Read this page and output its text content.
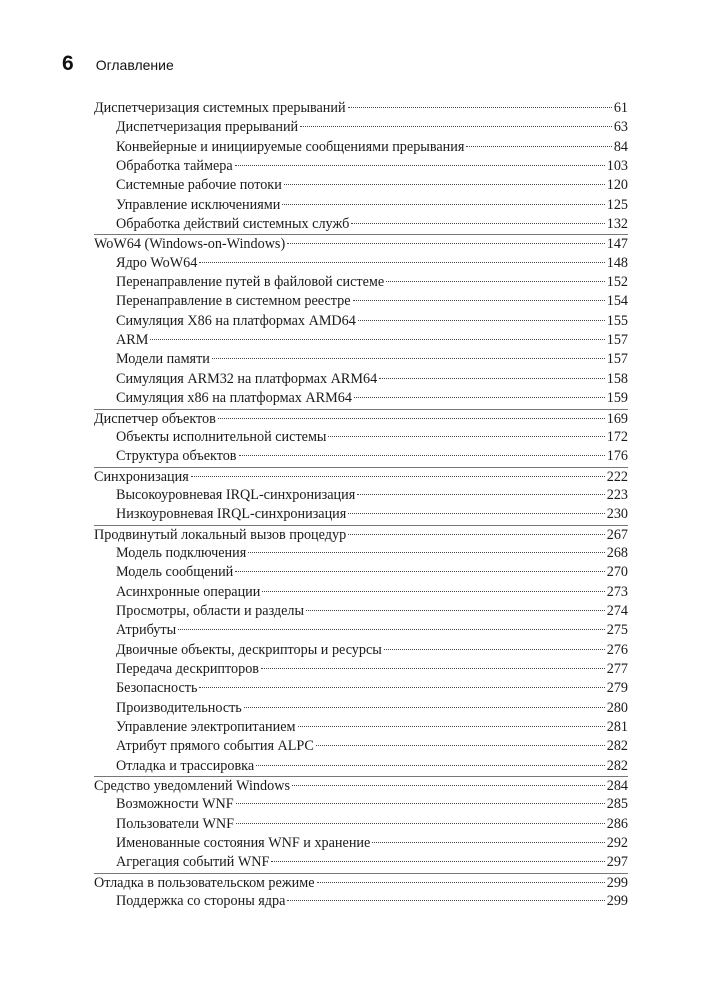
6 Оглавление
Диспетчеризация системных прерываний	61
Диспетчеризация прерываний	63
Конвейерные и инициируемые сообщениями прерывания	84
Обработка таймера	103
Системные рабочие потоки	120
Управление исключениями	125
Обработка действий системных служб	132
WoW64 (Windows-on-Windows)	147
Ядро WoW64	148
Перенаправление путей в файловой системе	152
Перенаправление в системном реестре	154
Симуляция X86 на платформах AMD64	155
ARM	157
Модели памяти	157
Симуляция ARM32 на платформах ARM64	158
Симуляция x86 на платформах ARM64	159
Диспетчер объектов	169
Объекты исполнительной системы	172
Структура объектов	176
Синхронизация	222
Высокоуровневая IRQL-синхронизация	223
Низкоуровневая IRQL-синхронизация	230
Продвинутый локальный вызов процедур	267
Модель подключения	268
Модель сообщений	270
Асинхронные операции	273
Просмотры, области и разделы	274
Атрибуты	275
Двоичные объекты, дескрипторы и ресурсы	276
Передача дескрипторов	277
Безопасность	279
Производительность	280
Управление электропитанием	281
Атрибут прямого события ALPC	282
Отладка и трассировка	282
Средство уведомлений Windows	284
Возможности WNF	285
Пользователи WNF	286
Именованные состояния WNF и хранение	292
Агрегация событий WNF	297
Отладка в пользовательском режиме	299
Поддержка со стороны ядра	299
